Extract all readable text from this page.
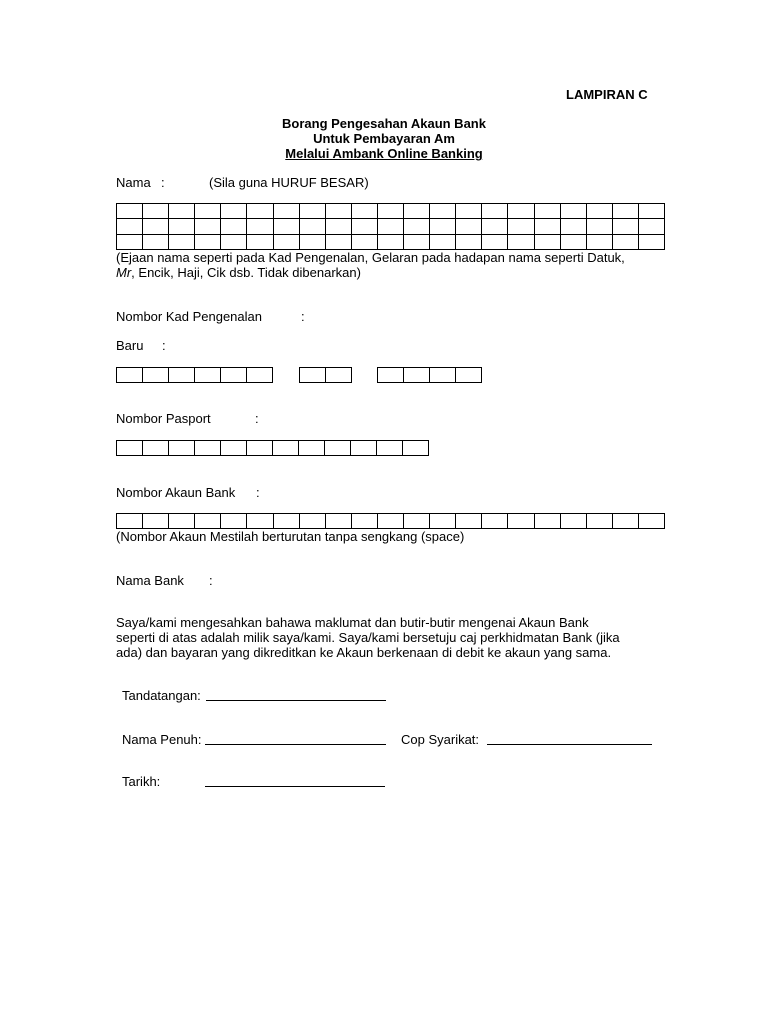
LAMPIRAN C
Borang Pengesahan Akaun Bank
Untuk Pembayaran Am
Melalui Ambank Online Banking
Nama :	(Sila guna HURUF BESAR)
(Ejaan nama seperti pada Kad Pengenalan, Gelaran pada hadapan nama seperti Datuk,
Mr, Encik, Haji, Cik dsb. Tidak dibenarkan)
Nombor Kad Pengenalan	:
Baru :
Nombor Pasport	:
Nombor Akaun Bank :
(Nombor Akaun Mestilah berturutan tanpa sengkang (space)
Nama Bank :
Saya/kami mengesahkan bahawa maklumat dan butir-butir mengenai Akaun Bank
seperti di atas adalah milik saya/kami. Saya/kami bersetuju caj perkhidmatan Bank (jika
ada) dan bayaran yang dikreditkan ke Akaun berkenaan di debit ke akaun yang sama.
Tandatangan:
Nama Penuh:	Cop Syarikat:
Tarikh:
